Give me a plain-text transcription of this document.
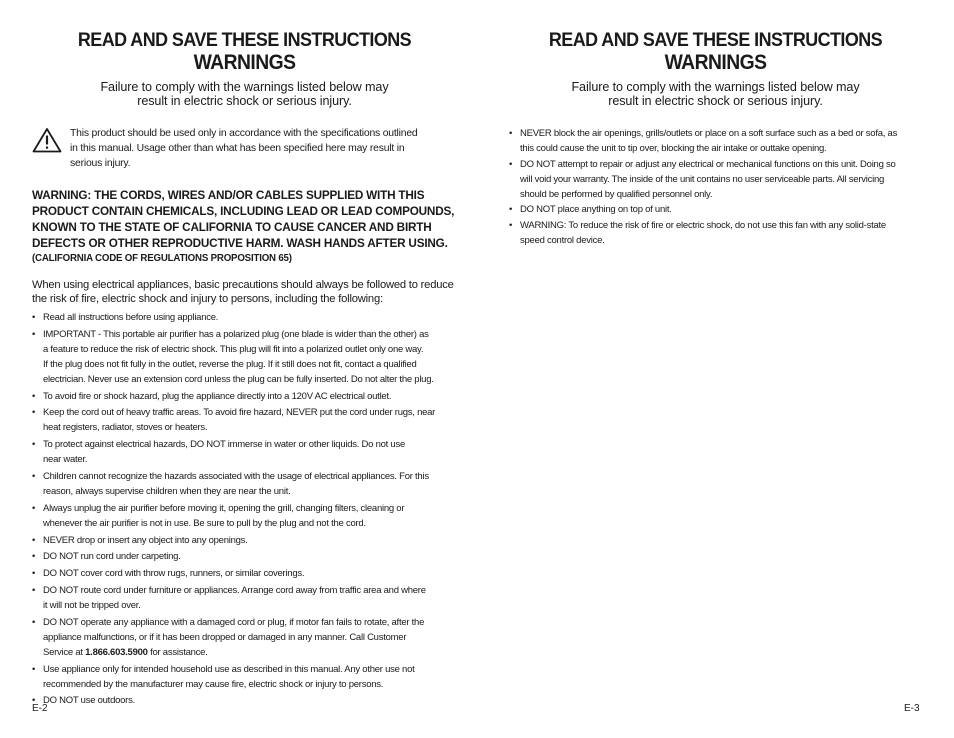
READ AND SAVE THESE INSTRUCTIONS
WARNINGS
Failure to comply with the warnings listed below may
result in electric shock or serious injury.
This product should be used only in accordance with the specifications outlined
in this manual. Usage other than what has been specified here may result in
serious injury.
WARNING: THE CORDS, WIRES AND/OR CABLES SUPPLIED WITH THIS
PRODUCT CONTAIN CHEMICALS, INCLUDING LEAD OR LEAD COMPOUNDS,
KNOWN TO THE STATE OF CALIFORNIA TO CAUSE CANCER AND BIRTH
DEFECTS OR OTHER REPRODUCTIVE HARM. WASH HANDS AFTER USING.
(CALIFORNIA CODE OF REGULATIONS PROPOSITION 65)
When using electrical appliances, basic precautions should always be followed to reduce
the risk of fire, electric shock and injury to persons, including the following:
• Read all instructions before using appliance.
• IMPORTANT - This portable air purifier has a polarized plug (one blade is wider than the other) as
a feature to reduce the risk of electric shock. This plug will fit into a polarized outlet only one way.
If the plug does not fit fully in the outlet, reverse the plug. If it still does not fit, contact a qualified
electrician. Never use an extension cord unless the plug can be fully inserted. Do not alter the plug.
• To avoid fire or shock hazard, plug the appliance directly into a 120V AC electrical outlet.
• Keep the cord out of heavy traffic areas. To avoid fire hazard, NEVER put the cord under rugs, near
heat registers, radiator, stoves or heaters.
• To protect against electrical hazards, DO NOT immerse in water or other liquids. Do not use
near water.
• Children cannot recognize the hazards associated with the usage of electrical appliances. For this
reason, always supervise children when they are near the unit.
• Always unplug the air purifier before moving it, opening the grill, changing filters, cleaning or
whenever the air purifier is not in use. Be sure to pull by the plug and not the cord.
• NEVER drop or insert any object into any openings.
• DO NOT run cord under carpeting.
• DO NOT cover cord with throw rugs, runners, or similar coverings.
• DO NOT route cord under furniture or appliances. Arrange cord away from traffic area and where
it will not be tripped over.
• DO NOT operate any appliance with a damaged cord or plug, if motor fan fails to rotate, after the
appliance malfunctions, or if it has been dropped or damaged in any manner. Call Customer
Service at 1.866.603.5900 for assistance.
• Use appliance only for intended household use as described in this manual. Any other use not
recommended by the manufacturer may cause fire, electric shock or injury to persons.
• DO NOT use outdoors.
READ AND SAVE THESE INSTRUCTIONS
WARNINGS
Failure to comply with the warnings listed below may
result in electric shock or serious injury.
• NEVER block the air openings, grills/outlets or place on a soft surface such as a bed or sofa, as
this could cause the unit to tip over, blocking the air intake or outtake opening.
• DO NOT attempt to repair or adjust any electrical or mechanical functions on this unit. Doing so
will void your warranty. The inside of the unit contains no user serviceable parts. All servicing
should be performed by qualified personnel only.
• DO NOT place anything on top of unit.
• WARNING: To reduce the risk of fire or electric shock, do not use this fan with any solid-state
speed control device.
E-2	E-3
